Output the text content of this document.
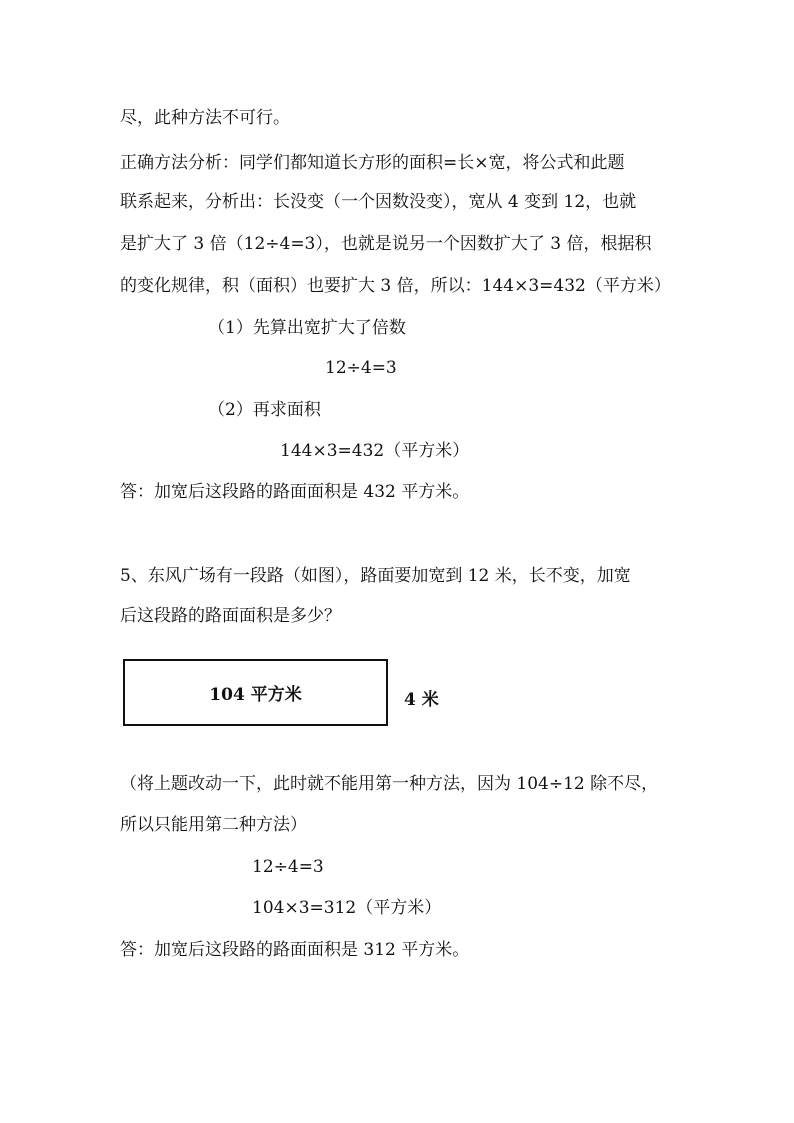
尽，此种方法不可行。
正确方法分析：同学们都知道长方形的面积=长×宽，将公式和此题
联系起来，分析出：长没变（一个因数没变），宽从 4 变到 12，也就
是扩大了 3 倍（12÷4=3），也就是说另一个因数扩大了 3 倍，根据积
的变化规律，积（面积）也要扩大 3 倍，所以：144×3=432（平方米）
（1）先算出宽扩大了倍数
12÷4=3
（2）再求面积
144×3=432（平方米）
答：加宽后这段路的路面面积是 432 平方米。
5、东风广场有一段路（如图），路面要加宽到 12 米，长不变，加宽
后这段路的路面面积是多少？
104 平方米	4 米
（将上题改动一下，此时就不能用第一种方法，因为 104÷12 除不尽，
所以只能用第二种方法）
12÷4=3
104×3=312（平方米）
答：加宽后这段路的路面面积是 312 平方米。
